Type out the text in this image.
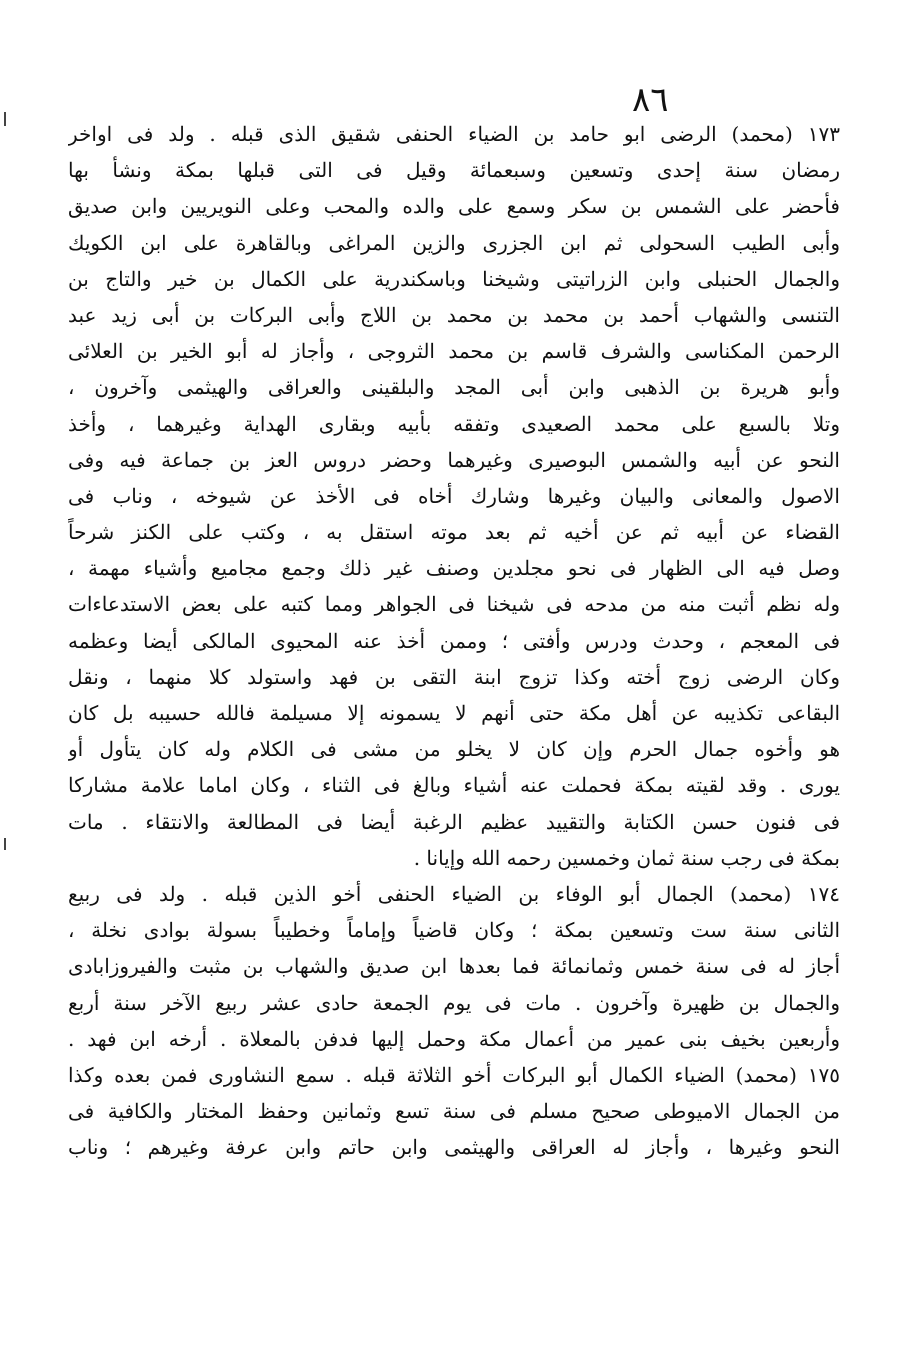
٨٦
١٧٣ (محمد) الرضى ابو حامد بن الضياء الحنفى شقيق الذى قبله . ولد فى اواخر
رمضان سنة إحدى وتسعين وسبعمائة وقيل فى التى قبلها بمكة ونشأ بها
فأحضر على الشمس بن سكر وسمع على والده والمحب وعلى النويريين وابن صديق
وأبى الطيب السحولى ثم ابن الجزرى والزين المراغى وبالقاهرة على ابن الكويك
والجمال الحنبلى وابن الزراتيتى وشيخنا وباسكندرية على الكمال بن خير والتاج بن
التنسى والشهاب أحمد بن محمد بن محمد بن اللاج وأبى البركات بن أبى زيد عبد
الرحمن المكناسى والشرف قاسم بن محمد الثروجى ، وأجاز له أبو الخير بن العلائى
وأبو هريرة بن الذهبى وابن أبى المجد والبلقينى والعراقى والهيثمى وآخرون ،
وتلا بالسبع على محمد الصعيدى وتفقه بأبيه وبقارى الهداية وغيرهما ، وأخذ
النحو عن أبيه والشمس البوصيرى وغيرهما وحضر دروس العز بن جماعة فيه وفى
الاصول والمعانى والبيان وغيرها وشارك أخاه فى الأخذ عن شيوخه ، وناب فى
القضاء عن أبيه ثم عن أخيه ثم بعد موته استقل به ، وكتب على الكنز شرحاً
وصل فيه الى الظهار فى نحو مجلدين وصنف غير ذلك وجمع مجاميع وأشياء مهمة ،
وله نظم أثبت منه من مدحه فى شيخنا فى الجواهر ومما كتبه على بعض الاستدعاءات
فى المعجم ، وحدث ودرس وأفتى ؛ وممن أخذ عنه المحيوى المالكى أيضا وعظمه
وكان الرضى زوج أخته وكذا تزوج ابنة التقى بن فهد واستولد كلا منهما ، ونقل
البقاعى تكذيبه عن أهل مكة حتى أنهم لا يسمونه إلا مسيلمة فالله حسيبه بل كان
هو وأخوه جمال الحرم وإن كان لا يخلو من مشى فى الكلام وله كان يتأول أو
يورى . وقد لقيته بمكة فحملت عنه أشياء وبالغ فى الثناء ، وكان اماما علامة مشاركا
فى فنون حسن الكتابة والتقييد عظيم الرغبة أيضا فى المطالعة والانتقاء . مات
بمكة فى رجب سنة ثمان وخمسين رحمه الله وإيانا .
١٧٤ (محمد) الجمال أبو الوفاء بن الضياء الحنفى أخو الذين قبله . ولد فى ربيع
الثانى سنة ست وتسعين بمكة ؛ وكان قاضياً وإماماً وخطيباً بسولة بوادى نخلة ،
أجاز له فى سنة خمس وثمانمائة فما بعدها ابن صديق والشهاب بن مثبت والفيروزابادى
والجمال بن ظهيرة وآخرون . مات فى يوم الجمعة حادى عشر ربيع الآخر سنة أربع
وأربعين بخيف بنى عمير من أعمال مكة وحمل إليها فدفن بالمعلاة . أرخه ابن فهد .
١٧٥ (محمد) الضياء الكمال أبو البركات أخو الثلاثة قبله . سمع النشاورى فمن بعده وكذا
من الجمال الاميوطى صحيح مسلم فى سنة تسع وثمانين وحفظ المختار والكافية فى
النحو وغيرها ، وأجاز له العراقى والهيثمى وابن حاتم وابن عرفة وغيرهم ؛ وناب
